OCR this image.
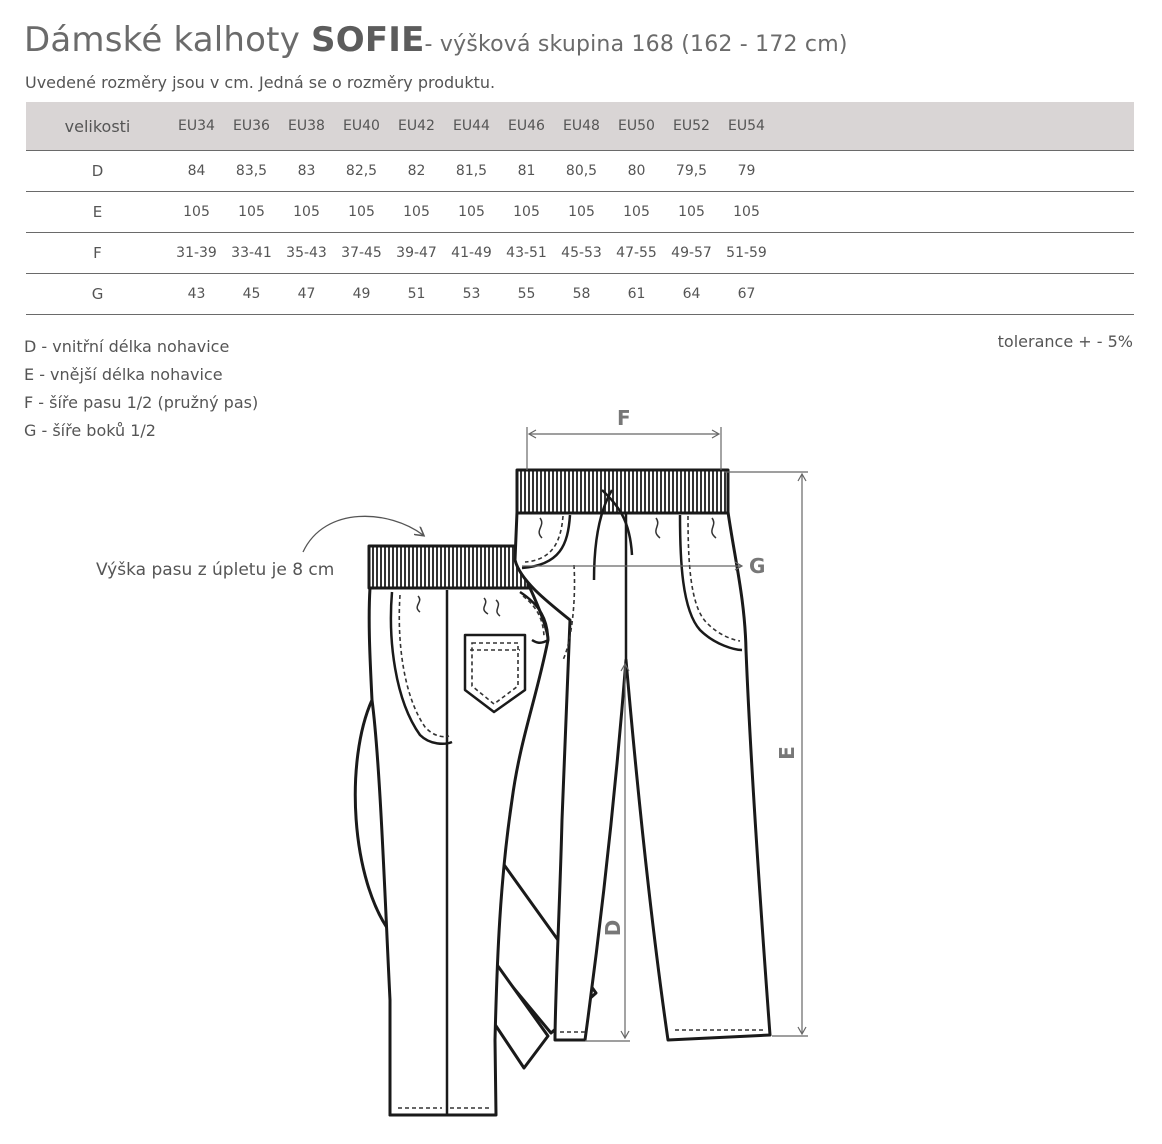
Dámské kalhoty SOFIE- výšková skupina 168 (162 - 172 cm)
Uvedené rozměry jsou v cm. Jedná se o rozměry produktu.
velikosti	EU34	EU36	EU38	EU40	EU42	EU44	EU46	EU48	EU50	EU52	EU54	
D	84	83,5	83	82,5	82	81,5	81	80,5	80	79,5	79	
E	105	105	105	105	105	105	105	105	105	105	105	
F	31-39	33-41	35-43	37-45	39-47	41-49	43-51	45-53	47-55	49-57	51-59	
G	43	45	47	49	51	53	55	58	61	64	67	
D - vnitřní délka nohavice
E - vnější délka nohavice
F - šíře pasu 1/2 (pružný pas)
G - šíře boků 1/2
tolerance + - 5%
Výška pasu z úpletu je 8 cm
F
G
E
D
